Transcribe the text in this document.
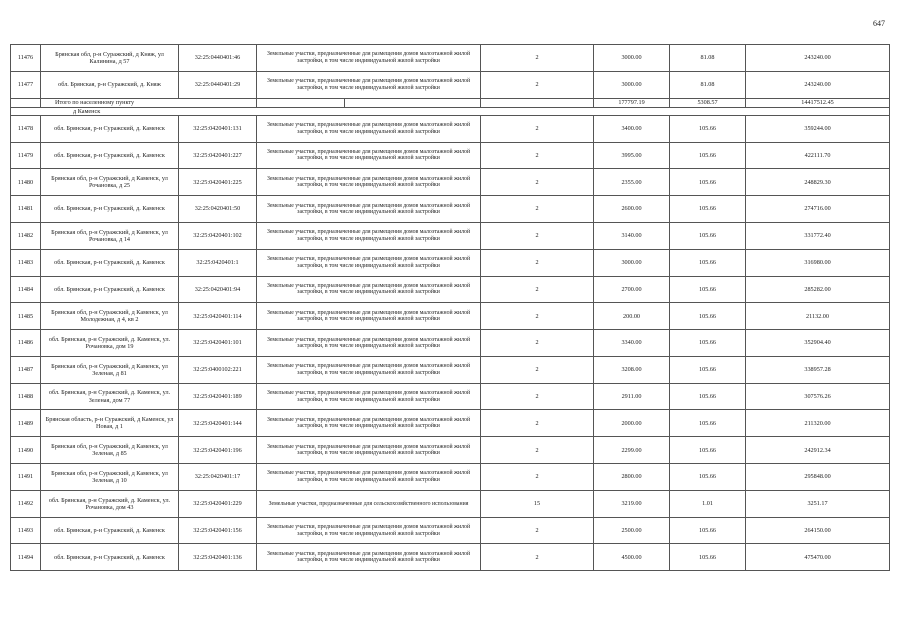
647
11476	Брянская обл, р-н Суражский, д Княж, ул Калинина, д 57	32:25:0440401:46	Земельные участки, предназначенные для размещения домов малоэтажной жилой застройки, в том числе индивидуальной жилой застройки		2	3000.00	81.08	243240.00
11477	обл. Брянская, р-н Суражский, д. Княж	32:25:0440401:29	Земельные участки, предназначенные для размещения домов малоэтажной жилой застройки, в том числе индивидуальной жилой застройки		2	3000.00	81.08	243240.00
	Итого по населенному пункту					177797.19	5308.57	14417512.45
д Каменск								
11478	обл. Брянская, р-н Суражский, д. Каменск	32:25:0420401:131	Земельные участки, предназначенные для размещения домов малоэтажной жилой застройки, в том числе индивидуальной жилой застройки		2	3400.00	105.66	359244.00
11479	обл. Брянская, р-н Суражский, д. Каменск	32:25:0420401:227	Земельные участки, предназначенные для размещения домов малоэтажной жилой застройки, в том числе индивидуальной жилой застройки		2	3995.00	105.66	422111.70
11480	Брянская обл, р-н Суражский, д Каменск, ул Рочановка, д 25	32:25:0420401:225	Земельные участки, предназначенные для размещения домов малоэтажной жилой застройки, в том числе индивидуальной жилой застройки		2	2355.00	105.66	248829.30
11481	обл. Брянская, р-н Суражский, д. Каменск	32:25:0420401:50	Земельные участки, предназначенные для размещения домов малоэтажной жилой застройки, в том числе индивидуальной жилой застройки		2	2600.00	105.66	274716.00
11482	Брянская обл, р-н Суражский, д Каменск, ул Рочановка, д 14	32:25:0420401:102	Земельные участки, предназначенные для размещения домов малоэтажной жилой застройки, в том числе индивидуальной жилой застройки		2	3140.00	105.66	331772.40
11483	обл. Брянская, р-н Суражский, д. Каменск	32:25:0420401:1	Земельные участки, предназначенные для размещения домов малоэтажной жилой застройки, в том числе индивидуальной жилой застройки		2	3000.00	105.66	316980.00
11484	обл. Брянская, р-н Суражский, д. Каменск	32:25:0420401:94	Земельные участки, предназначенные для размещения домов малоэтажной жилой застройки, в том числе индивидуальной жилой застройки		2	2700.00	105.66	285282.00
11485	Брянская обл, р-н Суражский, д Каменск, ул Молодежная, д 4, кв 2	32:25:0420401:114	Земельные участки, предназначенные для размещения домов малоэтажной жилой застройки, в том числе индивидуальной жилой застройки		2	200.00	105.66	21132.00
11486	обл. Брянская, р-н Суражский, д. Каменск, ул. Рочановка, дом 19	32:25:0420401:101	Земельные участки, предназначенные для размещения домов малоэтажной жилой застройки, в том числе индивидуальной жилой застройки		2	3340.00	105.66	352904.40
11487	Брянская обл, р-н Суражский, д Каменск, ул Зеленая, д 81	32:25:0400102:221	Земельные участки, предназначенные для размещения домов малоэтажной жилой застройки, в том числе индивидуальной жилой застройки		2	3208.00	105.66	338957.28
11488	обл. Брянская, р-н Суражский, д. Каменск, ул. Зеленая, дом 77	32:25:0420401:189	Земельные участки, предназначенные для размещения домов малоэтажной жилой застройки, в том числе индивидуальной жилой застройки		2	2911.00	105.66	307576.26
11489	Брянская область, р-н Суражский, д Каменск, ул Новая, д 1	32:25:0420401:144	Земельные участки, предназначенные для размещения домов малоэтажной жилой застройки, в том числе индивидуальной жилой застройки		2	2000.00	105.66	211320.00
11490	Брянская обл, р-н Суражский, д Каменск, ул Зеленая, д 85	32:25:0420401:196	Земельные участки, предназначенные для размещения домов малоэтажной жилой застройки, в том числе индивидуальной жилой застройки		2	2299.00	105.66	242912.34
11491	Брянская обл, р-н Суражский, д Каменск, ул Зеленая, д 10	32:25:0420401:17	Земельные участки, предназначенные для размещения домов малоэтажной жилой застройки, в том числе индивидуальной жилой застройки		2	2800.00	105.66	295848.00
11492	обл. Брянская, р-н Суражский, д. Каменск, ул. Рочановка, дом 43	32:25:0420401:229	Земельные участки, предназначенные для сельскохозяйственного использования		15	3219.00	1.01	3251.17
11493	обл. Брянская, р-н Суражский, д. Каменск	32:25:0420401:156	Земельные участки, предназначенные для размещения домов малоэтажной жилой застройки, в том числе индивидуальной жилой застройки		2	2500.00	105.66	264150.00
11494	обл. Брянская, р-н Суражский, д. Каменск	32:25:0420401:136	Земельные участки, предназначенные для размещения домов малоэтажной жилой застройки, в том числе индивидуальной жилой застройки		2	4500.00	105.66	475470.00
